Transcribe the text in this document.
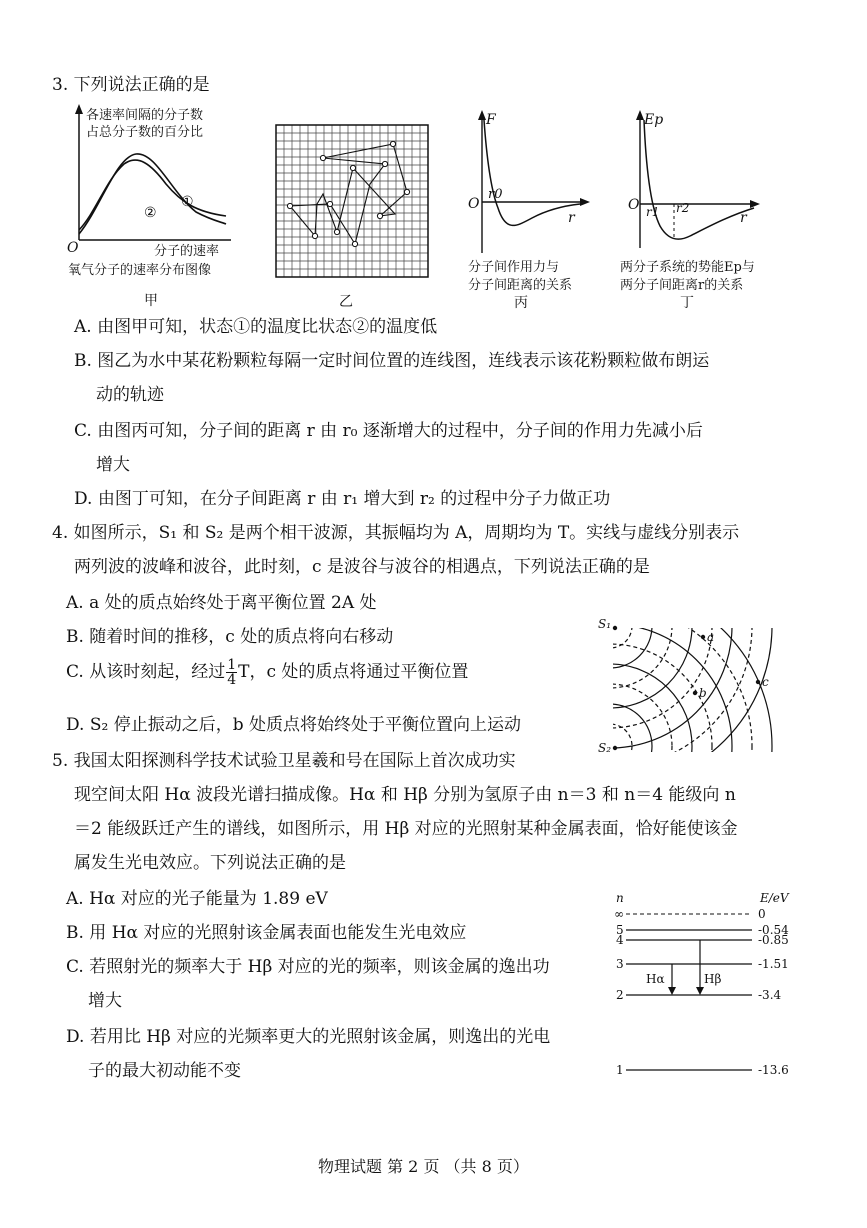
3. 下列说法正确的是
O
①
②
各速率间隔的分子数
占总分子数的百分比
分子的速率
氧气分子的速率分布图像
甲	乙
F
O
r0
r
分子间作用力与
分子间距离的关系
丙
Ep
O r1 r2
r
两分子系统的势能Ep与
两分子间距离r的关系
丁
A. 由图甲可知，状态①的温度比状态②的温度低
B. 图乙为水中某花粉颗粒每隔一定时间位置的连线图，连线表示该花粉颗粒做布朗运
动的轨迹
C. 由图丙可知，分子间的距离 r 由 r₀ 逐渐增大的过程中，分子间的作用力先减小后
增大
D. 由图丁可知，在分子间距离 r 由 r₁ 增大到 r₂ 的过程中分子力做正功
4. 如图所示，S₁ 和 S₂ 是两个相干波源，其振幅均为 A，周期均为 T。实线与虚线分别表示
两列波的波峰和波谷，此时刻，c 是波谷与波谷的相遇点，下列说法正确的是
A. a 处的质点始终处于离平衡位置 2A 处
B. 随着时间的推移，c 处的质点将向右移动
C. 从该时刻起，经过 $\frac{1}{4}$ T，c 处的质点将通过平衡位置
D. S₂ 停止振动之后，b 处质点将始终处于平衡位置向上运动
S₁
S₂
a
b
c
5. 我国太阳探测科学技术试验卫星羲和号在国际上首次成功实
现空间太阳 Hα 波段光谱扫描成像。Hα 和 Hβ 分别为氢原子由 n＝3 和 n＝4 能级向 n
＝2 能级跃迁产生的谱线，如图所示，用 Hβ 对应的光照射某种金属表面，恰好能使该金
属发生光电效应。下列说法正确的是
A. Hα 对应的光子能量为 1.89 eV
B. 用 Hα 对应的光照射该金属表面也能发生光电效应
C. 若照射光的频率大于 Hβ 对应的光的频率，则该金属的逸出功
增大
D. 若用比 Hβ 对应的光频率更大的光照射该金属，则逸出的光电
子的最大初动能不变
n	E/eV
∞
5
4
3
2
1
0
-0.54
-0.85
-1.51
-3.4
-13.6
Hα	Hβ
物理试题 第 2 页 （共 8 页）
